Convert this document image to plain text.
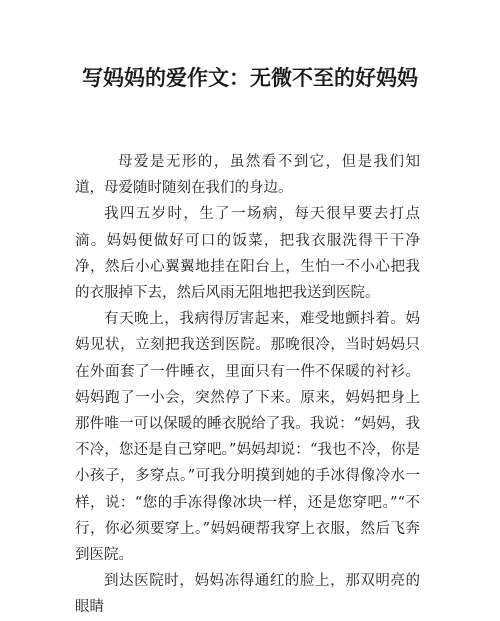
写妈妈的爱作文：无微不至的好妈妈

母爱是无形的，虽然看不到它，但是我们知道，母爱随时随刻在我们的身边。

我四五岁时，生了一场病，每天很早要去打点滴。妈妈便做好可口的饭菜，把我衣服洗得干干净净，然后小心翼翼地挂在阳台上，生怕一不小心把我的衣服掉下去，然后风雨无阻地把我送到医院。

有天晚上，我病得厉害起来，难受地颤抖着。妈妈见状，立刻把我送到医院。那晚很冷，当时妈妈只在外面套了一件睡衣，里面只有一件不保暖的衬衫。妈妈跑了一小会，突然停了下来。原来，妈妈把身上那件唯一可以保暖的睡衣脱给了我。我说：“妈妈，我不冷，您还是自己穿吧。”妈妈却说：“我也不冷，你是小孩子，多穿点。”可我分明摸到她的手冰得像冷水一样，说：“您的手冻得像冰块一样，还是您穿吧。”“不行，你必须要穿上。”妈妈硬帮我穿上衣服，然后飞奔到医院。

到达医院时，妈妈冻得通红的脸上，那双明亮的眼睛
